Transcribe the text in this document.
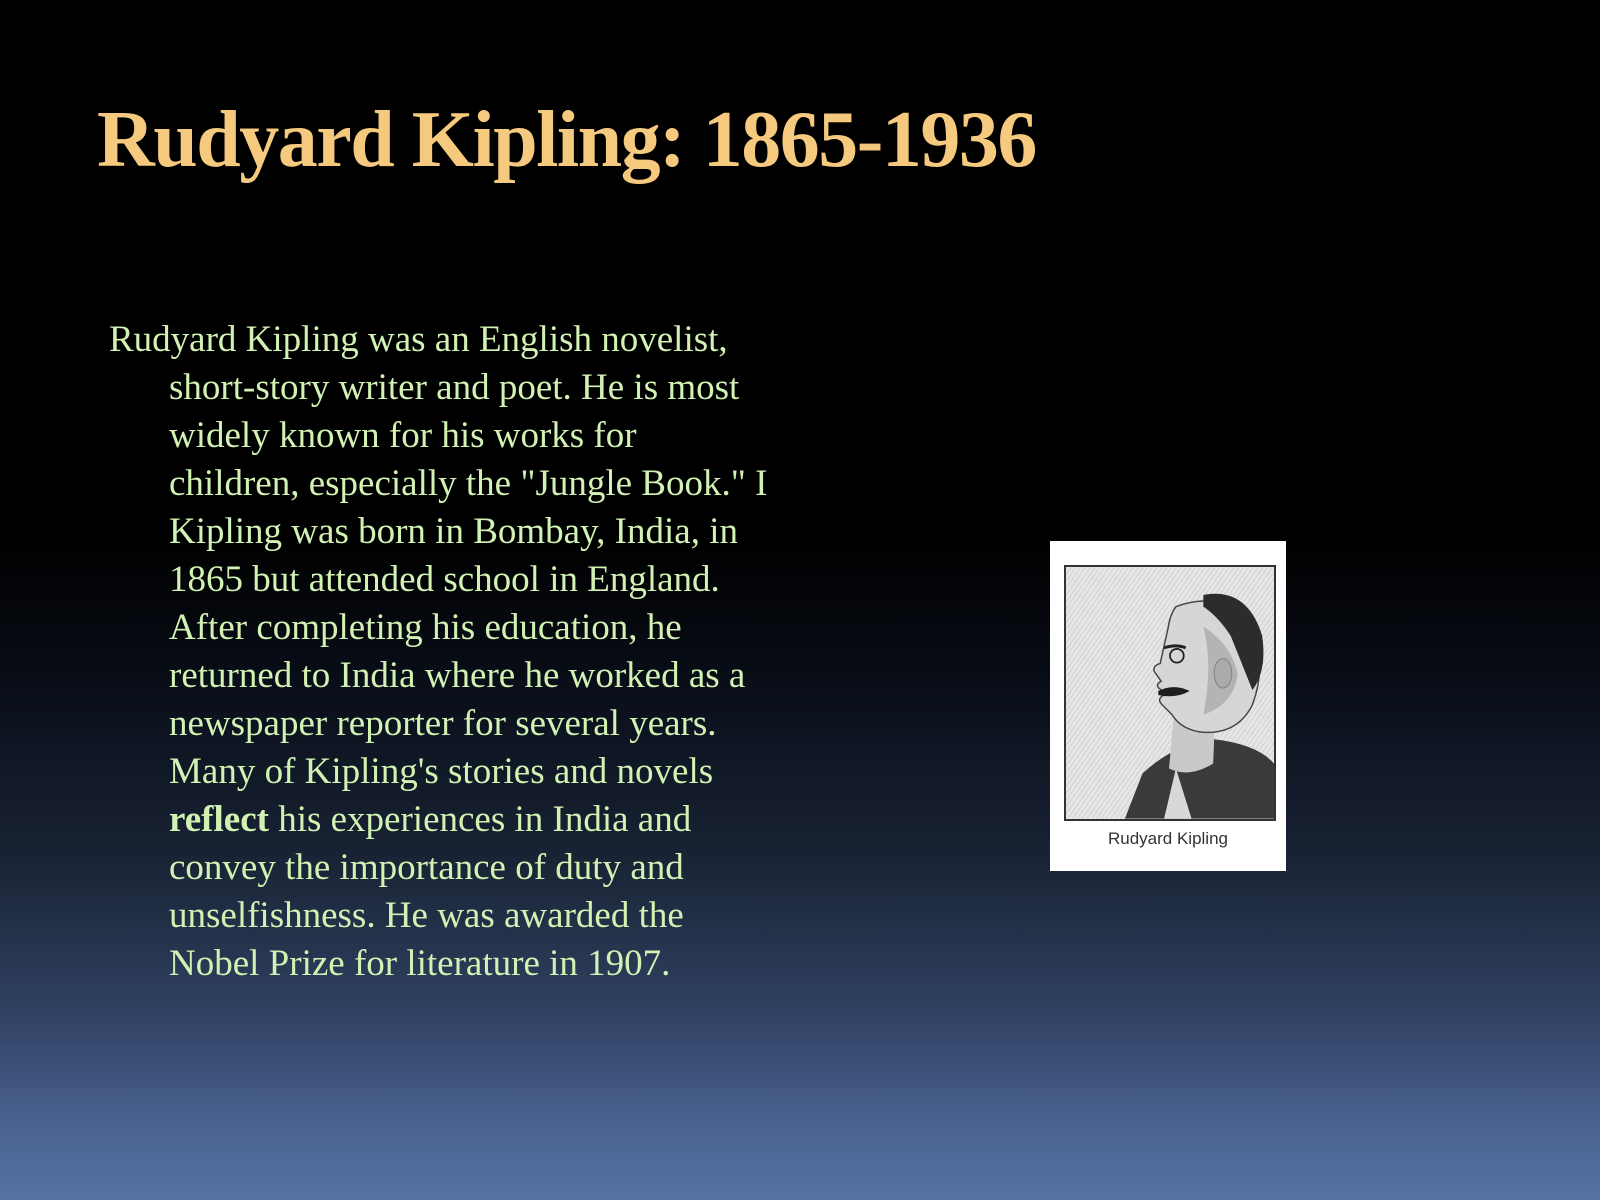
Rudyard Kipling: 1865-1936

Rudyard Kipling was an English novelist, short-story writer and poet. He is most widely known for his works for children, especially the "Jungle Book." I Kipling was born in Bombay, India, in 1865 but attended school in England. After completing his education, he returned to India where he worked as a newspaper reporter for several years. Many of Kipling's stories and novels reflect his experiences in India and convey the importance of duty and unselfishness. He was awarded the Nobel Prize for literature in 1907.

Rudyard Kipling
